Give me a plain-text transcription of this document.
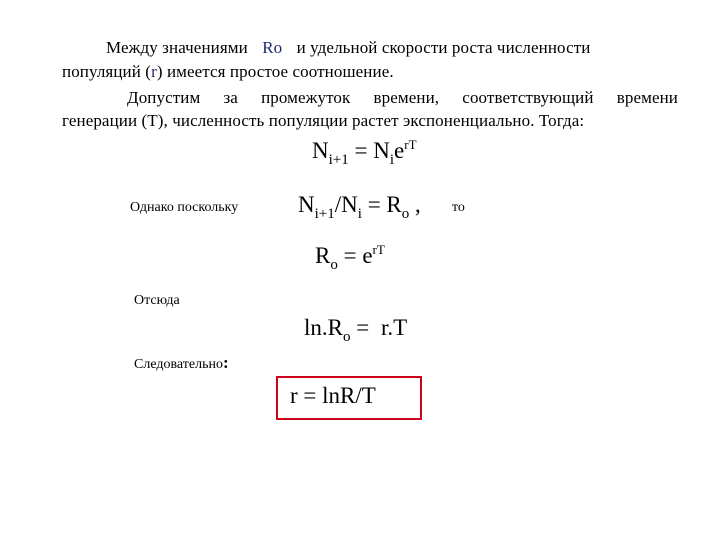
Между значениями Ro и удельной скорости роста численности
популяций (r) имеется простое соотношение.
Допустим за промежуток времени, соответствующий времени
генерации (T), численность популяции растет экспоненциально. Тогда:
$N_{i+1} = N_ie^{rT}$
Однако поскольку	$N_{i+1}/N_i = R_o$ , то
$R_o = e^{rT}$
Отсюда
$\ln.R_o = r.T$
Следовательно:
r = lnR/T
